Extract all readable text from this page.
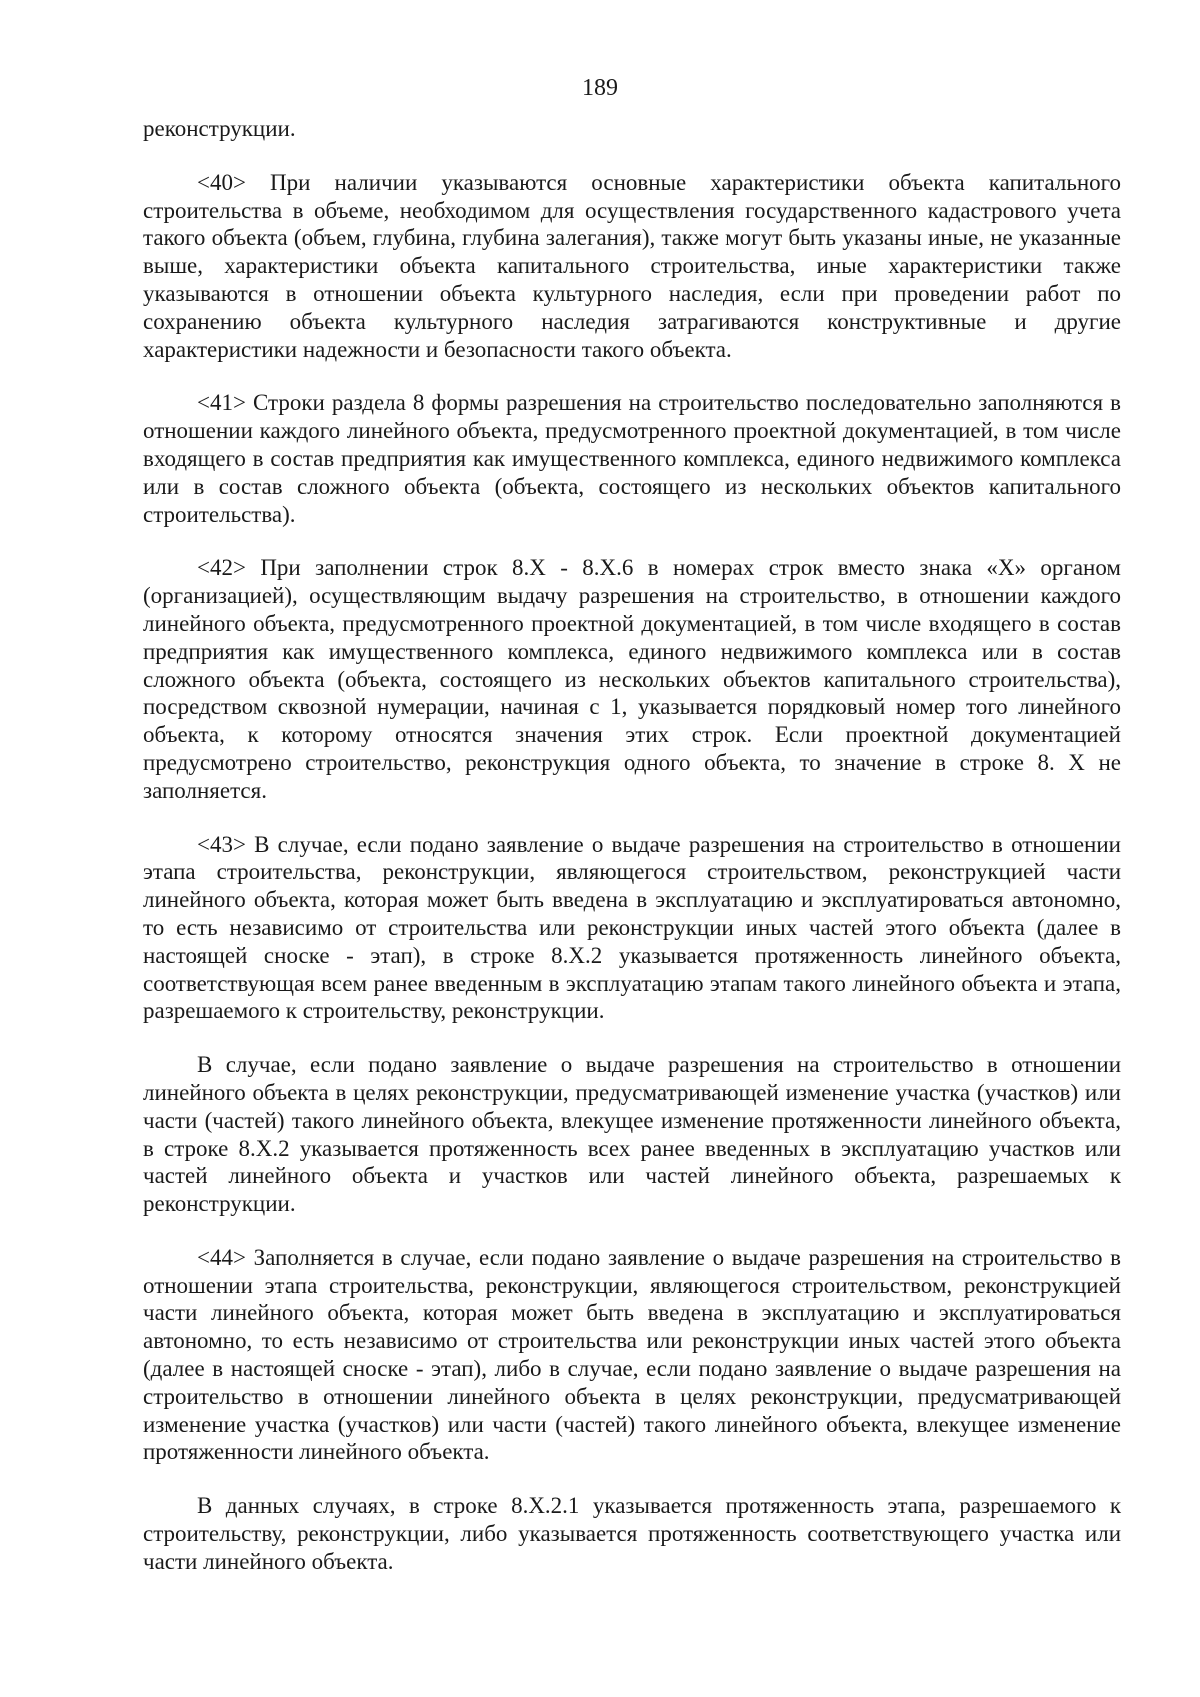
189

реконструкции.

<40> При наличии указываются основные характеристики объекта капитального строительства в объеме, необходимом для осуществления государственного кадастрового учета такого объекта (объем, глубина, глубина залегания), также могут быть указаны иные, не указанные выше, характеристики объекта капитального строительства, иные характеристики также указываются в отношении объекта культурного наследия, если при проведении работ по сохранению объекта культурного наследия затрагиваются конструктивные и другие характеристики надежности и безопасности такого объекта.

<41> Строки раздела 8 формы разрешения на строительство последовательно заполняются в отношении каждого линейного объекта, предусмотренного проектной документацией, в том числе входящего в состав предприятия как имущественного комплекса, единого недвижимого комплекса или в состав сложного объекта (объекта, состоящего из нескольких объектов капитального строительства).

<42> При заполнении строк 8.X - 8.X.6 в номерах строк вместо знака «X» органом (организацией), осуществляющим выдачу разрешения на строительство, в отношении каждого линейного объекта, предусмотренного проектной документацией, в том числе входящего в состав предприятия как имущественного комплекса, единого недвижимого комплекса или в состав сложного объекта (объекта, состоящего из нескольких объектов капитального строительства), посредством сквозной нумерации, начиная с 1, указывается порядковый номер того линейного объекта, к которому относятся значения этих строк. Если проектной документацией предусмотрено строительство, реконструкция одного объекта, то значение в строке 8. X не заполняется.

<43> В случае, если подано заявление о выдаче разрешения на строительство в отношении этапа строительства, реконструкции, являющегося строительством, реконструкцией части линейного объекта, которая может быть введена в эксплуатацию и эксплуатироваться автономно, то есть независимо от строительства или реконструкции иных частей этого объекта (далее в настоящей сноске - этап), в строке 8.X.2 указывается протяженность линейного объекта, соответствующая всем ранее введенным в эксплуатацию этапам такого линейного объекта и этапа, разрешаемого к строительству, реконструкции.

В случае, если подано заявление о выдаче разрешения на строительство в отношении линейного объекта в целях реконструкции, предусматривающей изменение участка (участков) или части (частей) такого линейного объекта, влекущее изменение протяженности линейного объекта, в строке 8.X.2 указывается протяженность всех ранее введенных в эксплуатацию участков или частей линейного объекта и участков или частей линейного объекта, разрешаемых к реконструкции.

<44> Заполняется в случае, если подано заявление о выдаче разрешения на строительство в отношении этапа строительства, реконструкции, являющегося строительством, реконструкцией части линейного объекта, которая может быть введена в эксплуатацию и эксплуатироваться автономно, то есть независимо от строительства или реконструкции иных частей этого объекта (далее в настоящей сноске - этап), либо в случае, если подано заявление о выдаче разрешения на строительство в отношении линейного объекта в целях реконструкции, предусматривающей изменение участка (участков) или части (частей) такого линейного объекта, влекущее изменение протяженности линейного объекта.

В данных случаях, в строке 8.X.2.1 указывается протяженность этапа, разрешаемого к строительству, реконструкции, либо указывается протяженность соответствующего участка или части линейного объекта.
